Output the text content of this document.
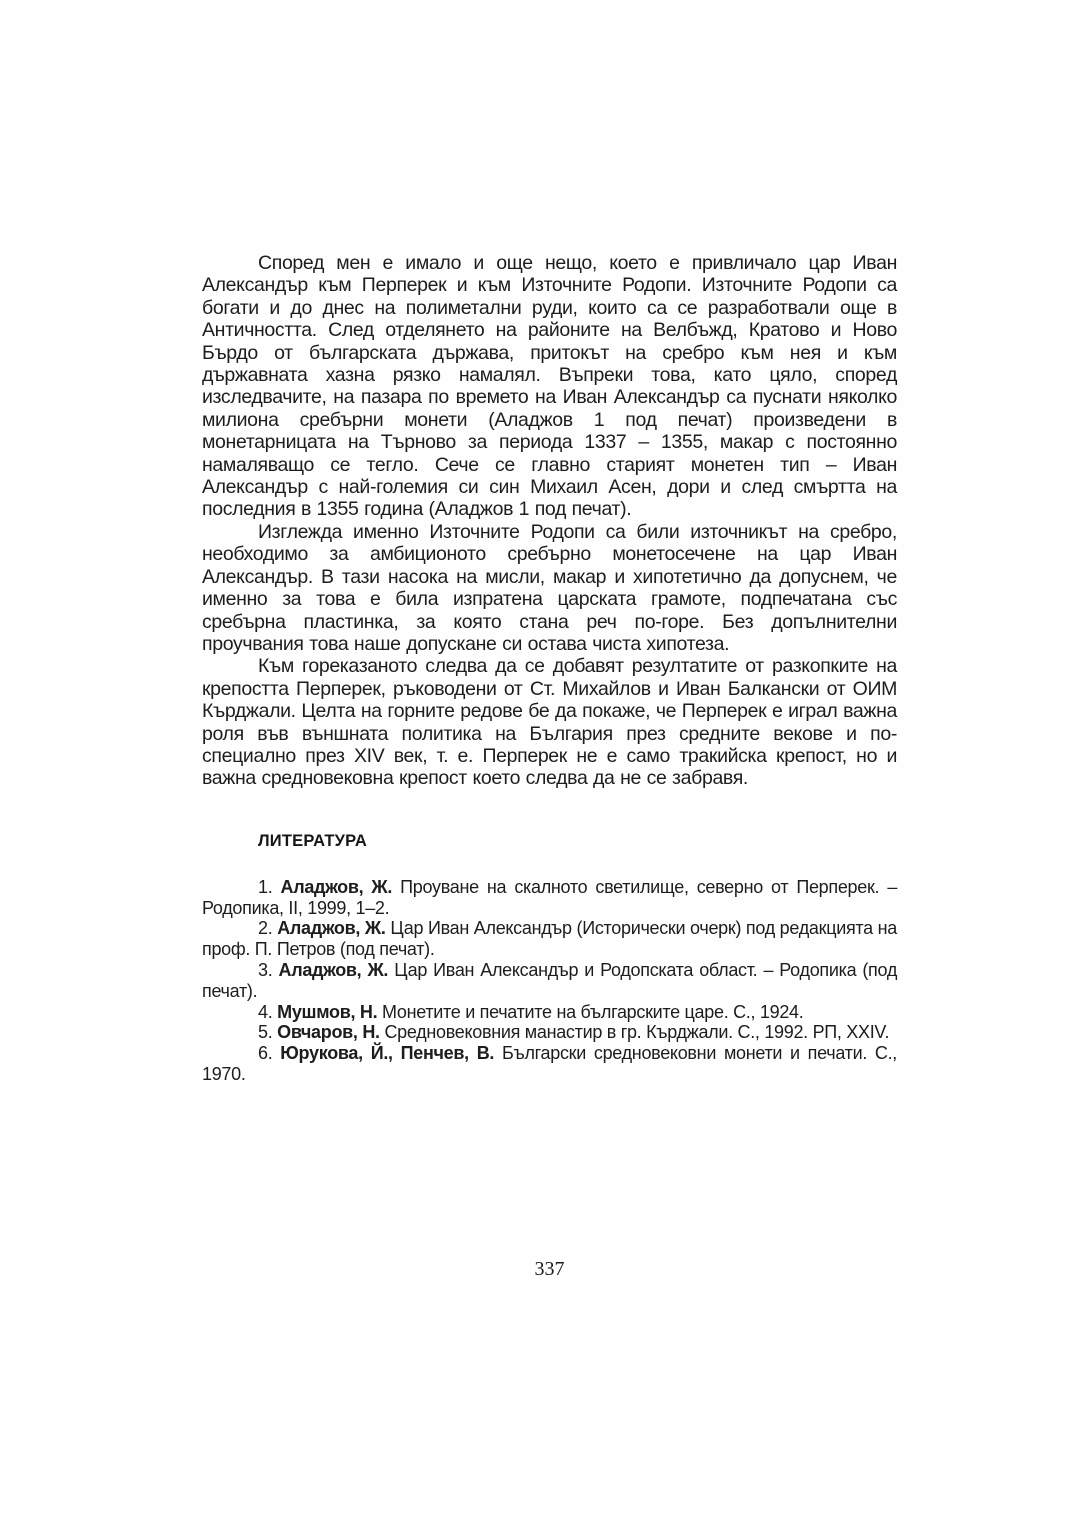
Според мен е имало и още нещо, което е привличало цар Иван Александър към Перперек и към Източните Родопи. Източните Родопи са богати и до днес на полиметални руди, които са се разработвали още в Античността. След отделянето на районите на Велбъжд, Кратово и Ново Бърдо от българската държава, притокът на сребро към нея и към държавната хазна рязко намалял. Въпреки това, като цяло, според изследвачите, на пазара по времето на Иван Александър са пуснати няколко милиона сребърни монети (Аладжов 1 под печат) произведени в монетарницата на Търново за периода 1337 – 1355, макар с постоянно намаляващо се тегло. Сече се главно старият монетен тип – Иван Александър с най-големия си син Михаил Асен, дори и след смъртта на последния в 1355 година (Аладжов 1 под печат).

Изглежда именно Източните Родопи са били източникът на сребро, необходимо за амбиционото сребърно монетосечене на цар Иван Александър. В тази насока на мисли, макар и хипотетично да допуснем, че именно за това е била изпратена царската грамоте, подпечатана със сребърна пластинка, за която стана реч по-горе. Без допълнителни проучвания това наше допускане си остава чиста хипотеза.

Към гореказаното следва да се добавят резултатите от разкопките на крепостта Перперек, ръководени от Ст. Михайлов и Иван Балкански от ОИМ Кърджали. Целта на горните редове бе да покаже, че Перперек е играл важна роля във външната политика на България през средните векове и по-специално през XIV век, т. е. Перперек не е само тракийска крепост, но и важна средновековна крепост което следва да не се забравя.

ЛИТЕРАТУРА

1. Аладжов, Ж. Проуване на скалното светилище, северно от Перперек. – Родопика, II, 1999, 1–2.

2. Аладжов, Ж. Цар Иван Александър (Исторически очерк) под редакцията на проф. П. Петров (под печат).

3. Аладжов, Ж. Цар Иван Александър и Родопската област. – Родопика (под печат).

4. Мушмов, Н. Монетите и печатите на българските царе. С., 1924.

5. Овчаров, Н. Средновековния манастир в гр. Кърджали. С., 1992. РП, XXIV.

6. Юрукова, Й., Пенчев, В. Български средновековни монети и печати. С., 1970.

337
